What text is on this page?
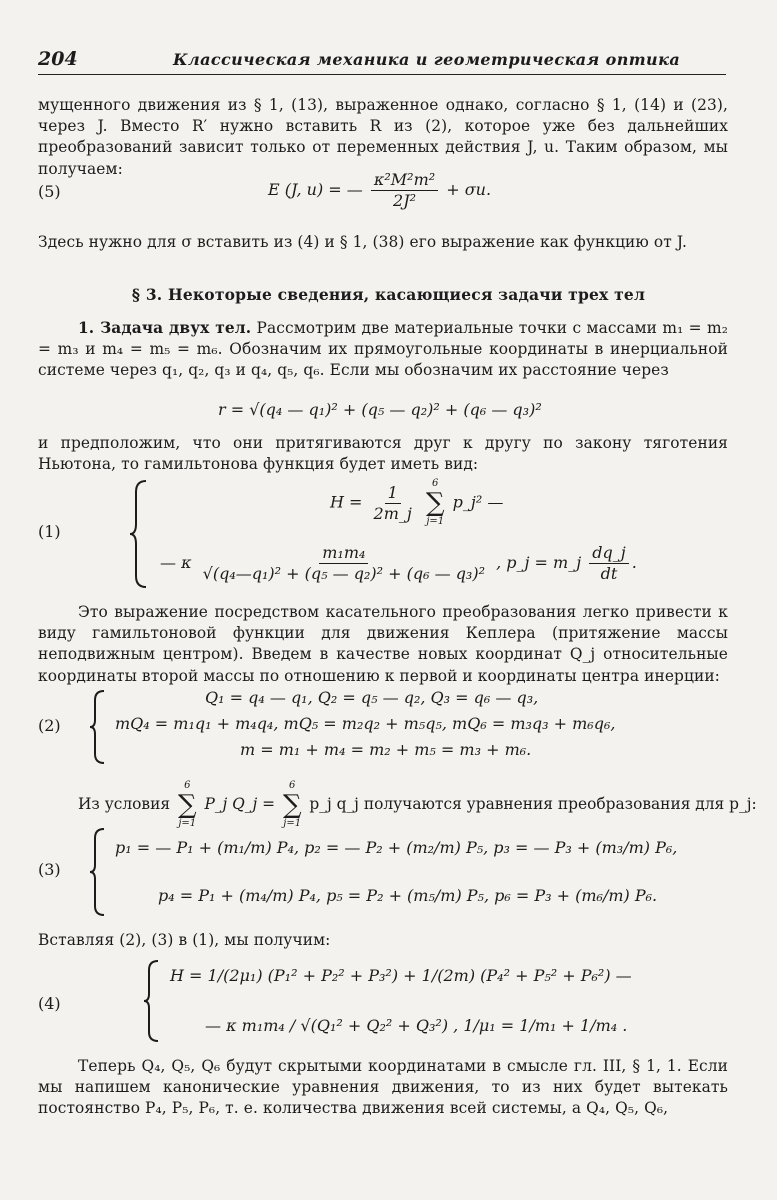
204	Классическая механика и геометрическая оптика
мущенного движения из § 1, (13), выраженное однако, согласно § 1, (14) и (23), через J. Вместо R′ нужно вставить R из (2), которое уже без дальнейших преобразований зависит только от переменных действия J, u. Таким образом, мы получаем:
(5)	E (J, u) = — $\frac{\text{κ²M²m²}}{\text{2J²}} + \sigma u$.
Здесь нужно для σ вставить из (4) и § 1, (38) его выражение как функцию от J.
§ 3. Некоторые сведения, касающиеся задачи трех тел
1. Задача двух тел. Рассмотрим две материальные точки с массами m₁ = m₂ = m₃ и m₄ = m₅ = m₆. Обозначим их прямоугольные координаты в инерциальной системе через q₁, q₂, q₃ и q₄, q₅, q₆. Если мы обозначим их расстояние через
r = √(q₄ — q₁)² + (q₅ — q₂)² + (q₆ — q₃)²
и предположим, что они притягиваются друг к другу по закону тяготения Ньютона, то гамильтонова функция будет иметь вид:
(1)
$H = \frac{1}{2m\_j}$
6
∑
j=1
p_j² —
— κ $\frac{\text{m₁m₄}}{\text{√(q₄—q₁)² + (q₅ — q₂)² + (q₆ — q₃)²}}$ , p_j = m_j $\frac{dq\_j}{dt}$ .
Это выражение посредством касательного преобразования легко привести к виду гамильтоновой функции для движения Кеплера (притяжение массы неподвижным центром). Введем в качестве новых координат Q_j относительные координаты второй массы по отношению к первой и координаты центра инерции:
(2)
Q₁ = q₄ — q₁, Q₂ = q₅ — q₂, Q₃ = q₆ — q₃,
mQ₄ = m₁q₁ + m₄q₄, mQ₅ = m₂q₂ + m₅q₅, mQ₆ = m₃q₃ + m₆q₆,
m = m₁ + m₄ = m₂ + m₅ = m₃ + m₆.
Из условия
6
∑
j=1
P_j Q_j =
6
∑
j=1
p_j q_j получаются уравнения преобразования для p_j:
(3)
p₁ = — P₁ + (m₁/m) P₄, p₂ = — P₂ + (m₂/m) P₅, p₃ = — P₃ + (m₃/m) P₆,
p₄ = P₁ + (m₄/m) P₄, p₅ = P₂ + (m₅/m) P₅, p₆ = P₃ + (m₆/m) P₆.
Вставляя (2), (3) в (1), мы получим:
(4)
H = 1/(2μ₁) (P₁² + P₂² + P₃²) + 1/(2m) (P₄² + P₅² + P₆²) —
— κ m₁m₄ / √(Q₁² + Q₂² + Q₃²) , 1/μ₁ = 1/m₁ + 1/m₄ .
Теперь Q₄, Q₅, Q₆ будут скрытыми координатами в смысле гл. III, § 1, 1. Если мы напишем канонические уравнения движения, то из них будет вытекать постоянство P₄, P₅, P₆, т. е. количества движения всей системы, а Q₄, Q₅, Q₆,
